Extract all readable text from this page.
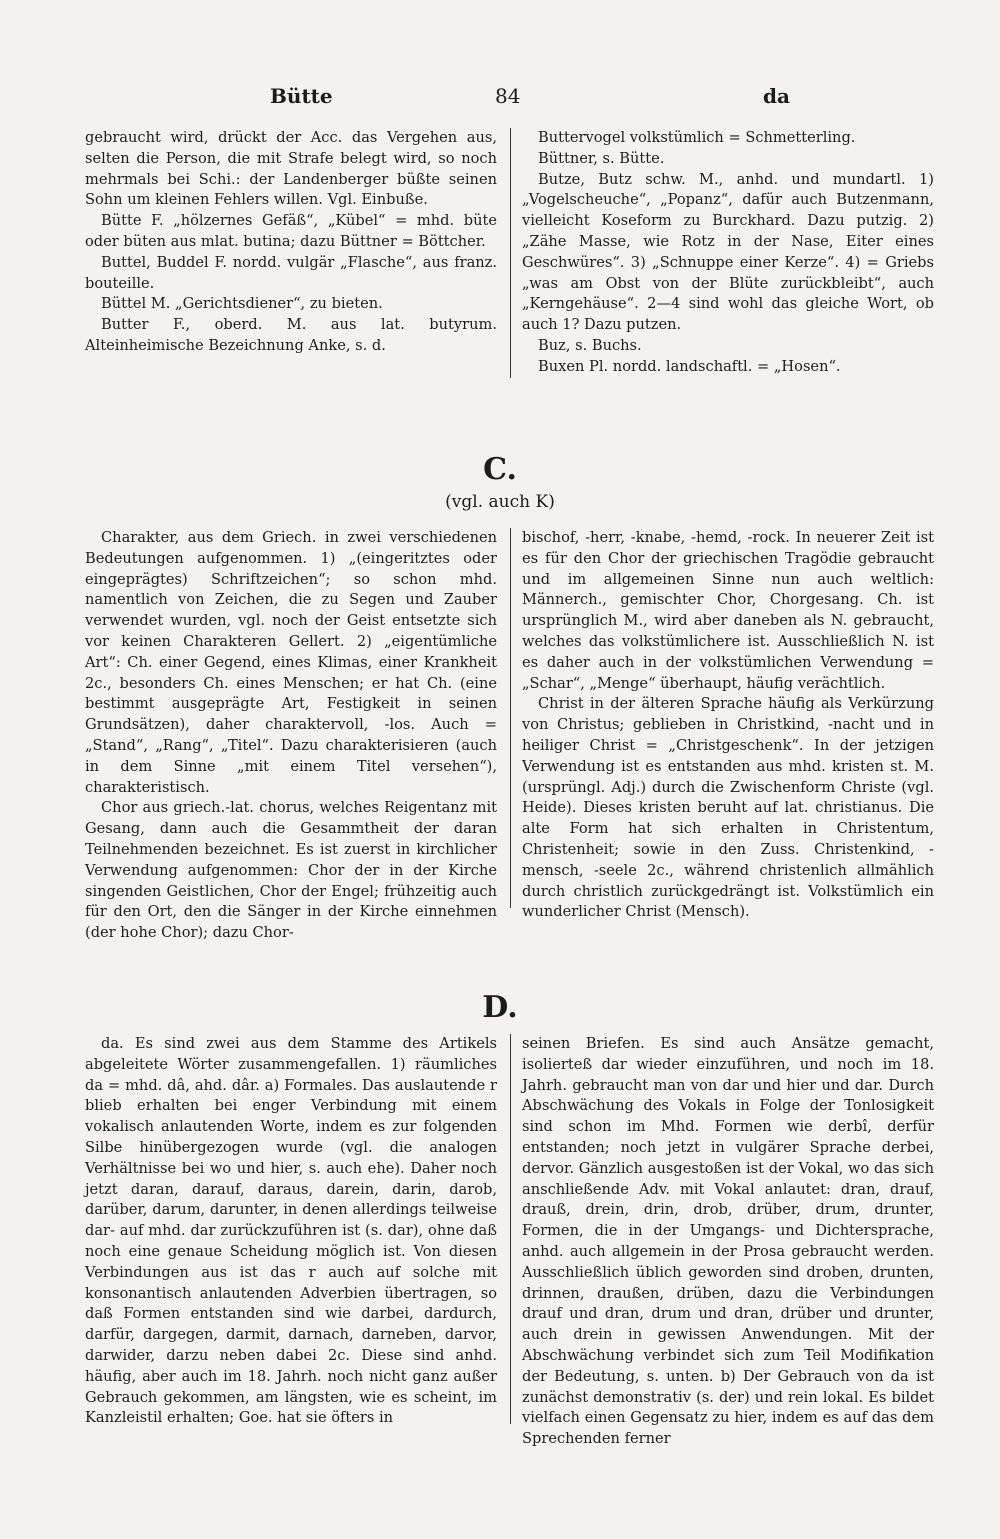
Bütte	84	da

gebraucht wird, drückt der Acc. das Vergehen aus, selten die Person, die mit Strafe belegt wird, so noch mehrmals bei Schi.: der Landenberger büßte seinen Sohn um kleinen Fehlers willen. Vgl. Einbuße.

Bütte F. „hölzernes Gefäß“, „Kübel“ = mhd. büte oder büten aus mlat. butina; dazu Büttner = Böttcher.

Buttel, Buddel F. nordd. vulgär „Flasche“, aus franz. bouteille.

Büttel M. „Gerichtsdiener“, zu bieten.

Butter F., oberd. M. aus lat. butyrum. Alteinheimische Bezeichnung Anke, s. d.

Buttervogel volkstümlich = Schmetterling.

Büttner, s. Bütte.

Butze, Butz schw. M., anhd. und mundartl. 1) „Vogelscheuche“, „Popanz“, dafür auch Butzenmann, vielleicht Koseform zu Burckhard. Dazu putzig. 2) „Zähe Masse, wie Rotz in der Nase, Eiter eines Geschwüres“. 3) „Schnuppe einer Kerze“. 4) = Griebs „was am Obst von der Blüte zurückbleibt“, auch „Kerngehäuse“. 2—4 sind wohl das gleiche Wort, ob auch 1? Dazu putzen.

Buz, s. Buchs.

Buxen Pl. nordd. landschaftl. = „Hosen“.

C.
(vgl. auch K)

Charakter, aus dem Griech. in zwei verschiedenen Bedeutungen aufgenommen. 1) „(eingeritztes oder eingeprägtes) Schriftzeichen“; so schon mhd. namentlich von Zeichen, die zu Segen und Zauber verwendet wurden, vgl. noch der Geist entsetzte sich vor keinen Charakteren Gellert. 2) „eigentümliche Art“: Ch. einer Gegend, eines Klimas, einer Krankheit 2c., besonders Ch. eines Menschen; er hat Ch. (eine bestimmt ausgeprägte Art, Festigkeit in seinen Grundsätzen), daher charaktervoll, -los. Auch = „Stand“, „Rang“, „Titel“. Dazu charakterisieren (auch in dem Sinne „mit einem Titel versehen“), charakteristisch.

Chor aus griech.-lat. chorus, welches Reigentanz mit Gesang, dann auch die Gesammtheit der daran Teilnehmenden bezeichnet. Es ist zuerst in kirchlicher Verwendung aufgenommen: Chor der in der Kirche singenden Geistlichen, Chor der Engel; frühzeitig auch für den Ort, den die Sänger in der Kirche einnehmen (der hohe Chor); dazu Chor-

bischof, -herr, -knabe, -hemd, -rock. In neuerer Zeit ist es für den Chor der griechischen Tragödie gebraucht und im allgemeinen Sinne nun auch weltlich: Männerch., gemischter Chor, Chorgesang. Ch. ist ursprünglich M., wird aber daneben als N. gebraucht, welches das volkstümlichere ist. Ausschließlich N. ist es daher auch in der volkstümlichen Verwendung = „Schar“, „Menge“ überhaupt, häufig verächtlich.

Christ in der älteren Sprache häufig als Verkürzung von Christus; geblieben in Christkind, -nacht und in heiliger Christ = „Christgeschenk“. In der jetzigen Verwendung ist es entstanden aus mhd. kristen st. M. (ursprüngl. Adj.) durch die Zwischenform Christe (vgl. Heide). Dieses kristen beruht auf lat. christianus. Die alte Form hat sich erhalten in Christentum, Christenheit; sowie in den Zuss. Christenkind, -mensch, -seele 2c., während christenlich allmählich durch christlich zurückgedrängt ist. Volkstümlich ein wunderlicher Christ (Mensch).

D.

da. Es sind zwei aus dem Stamme des Artikels abgeleitete Wörter zusammengefallen. 1) räumliches da = mhd. dâ, ahd. dâr. a) Formales. Das auslautende r blieb erhalten bei enger Verbindung mit einem vokalisch anlautenden Worte, indem es zur folgenden Silbe hinübergezogen wurde (vgl. die analogen Verhältnisse bei wo und hier, s. auch ehe). Daher noch jetzt daran, darauf, daraus, darein, darin, darob, darüber, darum, darunter, in denen allerdings teilweise dar- auf mhd. dar zurückzuführen ist (s. dar), ohne daß noch eine genaue Scheidung möglich ist. Von diesen Verbindungen aus ist das r auch auf solche mit konsonantisch anlautenden Adverbien übertragen, so daß Formen entstanden sind wie darbei, dardurch, darfür, dargegen, darmit, darnach, darneben, darvor, darwider, darzu neben dabei 2c. Diese sind anhd. häufig, aber auch im 18. Jahrh. noch nicht ganz außer Gebrauch gekommen, am längsten, wie es scheint, im Kanzleistil erhalten; Goe. hat sie öfters in

seinen Briefen. Es sind auch Ansätze gemacht, isolierteß dar wieder einzuführen, und noch im 18. Jahrh. gebraucht man von dar und hier und dar. Durch Abschwächung des Vokals in Folge der Tonlosigkeit sind schon im Mhd. Formen wie derbî, derfür entstanden; noch jetzt in vulgärer Sprache derbei, dervor. Gänzlich ausgestoßen ist der Vokal, wo das sich anschließende Adv. mit Vokal anlautet: dran, drauf, drauß, drein, drin, drob, drüber, drum, drunter, Formen, die in der Umgangs- und Dichtersprache, anhd. auch allgemein in der Prosa gebraucht werden. Ausschließlich üblich geworden sind droben, drunten, drinnen, draußen, drüben, dazu die Verbindungen drauf und dran, drum und dran, drüber und drunter, auch drein in gewissen Anwendungen. Mit der Abschwächung verbindet sich zum Teil Modifikation der Bedeutung, s. unten. b) Der Gebrauch von da ist zunächst demonstrativ (s. der) und rein lokal. Es bildet vielfach einen Gegensatz zu hier, indem es auf das dem Sprechenden ferner
